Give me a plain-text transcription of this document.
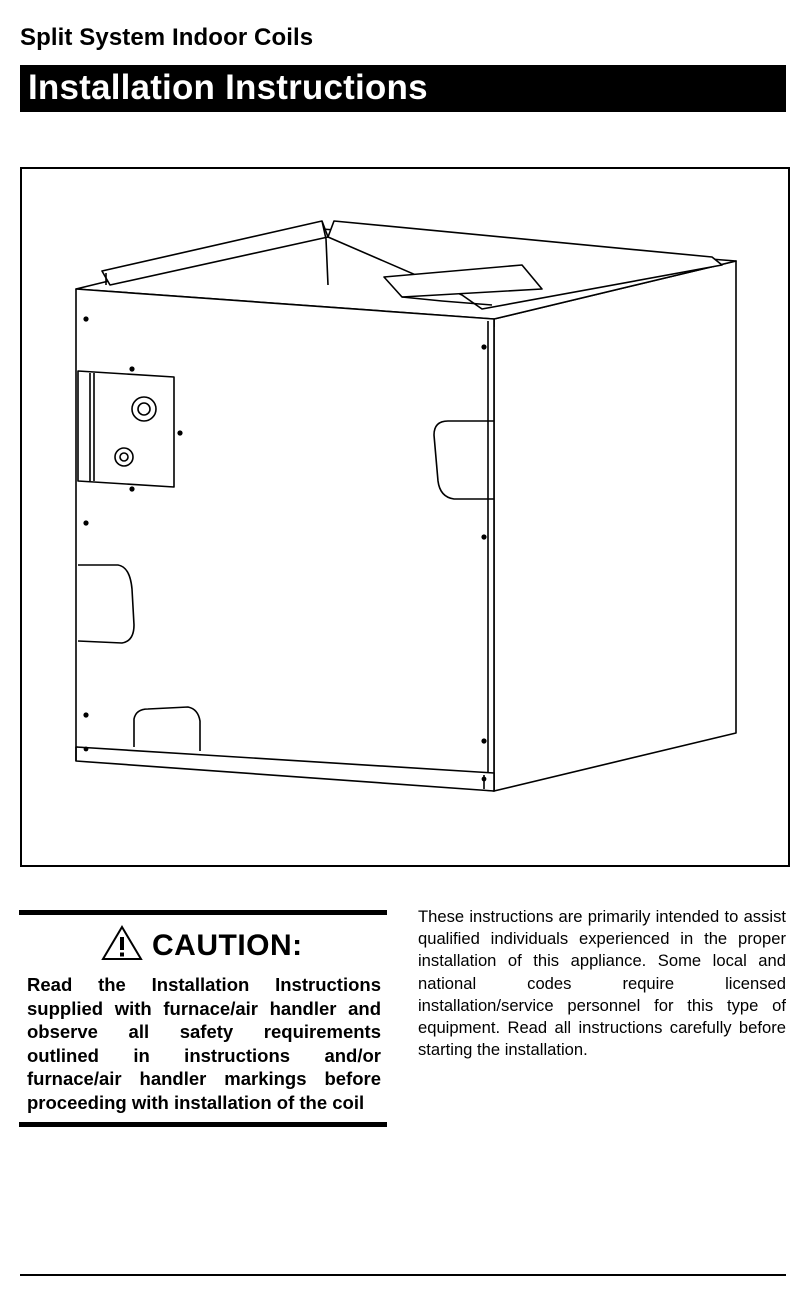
Split System Indoor Coils
Installation Instructions
CAUTION:

Read the Installation Instructions supplied with furnace/air handler and observe all safety requirements outlined in instructions and/or furnace/air handler markings before proceeding with installation of the coil

These instructions are primarily intended to assist qualified individuals experienced in the proper installation of this appliance. Some local and national codes require licensed installation/service personnel for this type of equipment. Read all instructions carefully before starting the installation.
